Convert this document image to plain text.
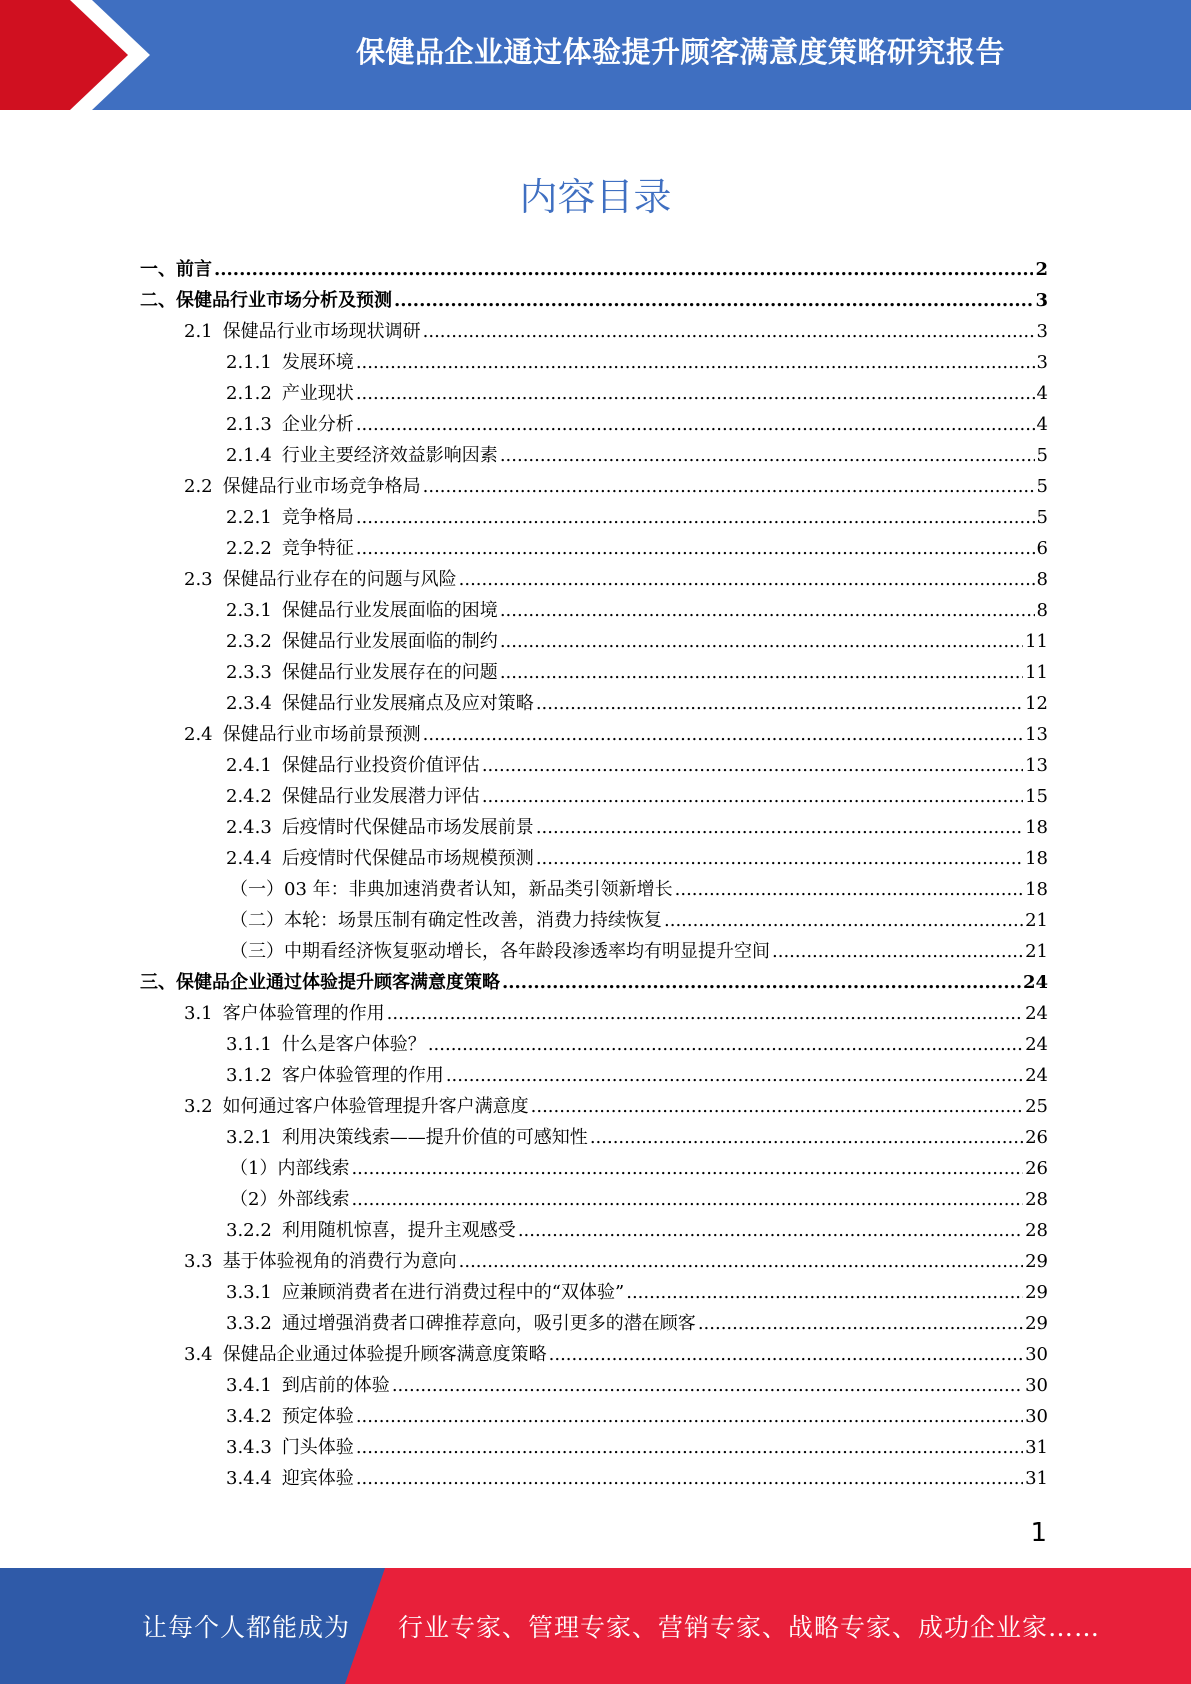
保健品企业通过体验提升顾客满意度策略研究报告
内容目录
一、 前言 .....	2
二、 保健品行业市场分析及预测 .....	3
2.1 保健品行业市场现状调研 .....	3
2.1.1 发展环境 .....	3
2.1.2 产业现状 .....	4
2.1.3 企业分析 .....	4
2.1.4 行业主要经济效益影响因素 .....	5
2.2 保健品行业市场竞争格局 .....	5
2.2.1 竞争格局 .....	5
2.2.2 竞争特征 .....	6
2.3 保健品行业存在的问题与风险 .....	8
2.3.1 保健品行业发展面临的困境 .....	8
2.3.2 保健品行业发展面临的制约 .....	11
2.3.3 保健品行业发展存在的问题 .....	11
2.3.4 保健品行业发展痛点及应对策略 .....	12
2.4 保健品行业市场前景预测 .....	13
2.4.1 保健品行业投资价值评估 .....	13
2.4.2 保健品行业发展潜力评估 .....	15
2.4.3 后疫情时代保健品市场发展前景 .....	18
2.4.4 后疫情时代保健品市场规模预测 .....	18
（一）03 年：非典加速消费者认知，新品类引领新增长 .....	18
（二）本轮：场景压制有确定性改善，消费力持续恢复 .....	21
（三）中期看经济恢复驱动增长，各年龄段渗透率均有明显提升空间 .....	21
三、 保健品企业通过体验提升顾客满意度策略 .....	24
3.1 客户体验管理的作用 .....	24
3.1.1 什么是客户体验？ .....	24
3.1.2 客户体验管理的作用 .....	24
3.2 如何通过客户体验管理提升客户满意度 .....	25
3.2.1 利用决策线索——提升价值的可感知性 .....	26
（1）内部线索 .....	26
（2）外部线索 .....	28
3.2.2 利用随机惊喜，提升主观感受 .....	28
3.3 基于体验视角的消费行为意向 .....	29
3.3.1 应兼顾消费者在进行消费过程中的“双体验” .....	29
3.3.2 通过增强消费者口碑推荐意向，吸引更多的潜在顾客 .....	29
3.4 保健品企业通过体验提升顾客满意度策略 .....	30
3.4.1 到店前的体验 .....	30
3.4.2 预定体验 .....	30
3.4.3 门头体验 .....	31
3.4.4 迎宾体验 .....	31
1
让每个人都能成为 行业专家、管理专家、营销专家、战略专家、成功企业家……
